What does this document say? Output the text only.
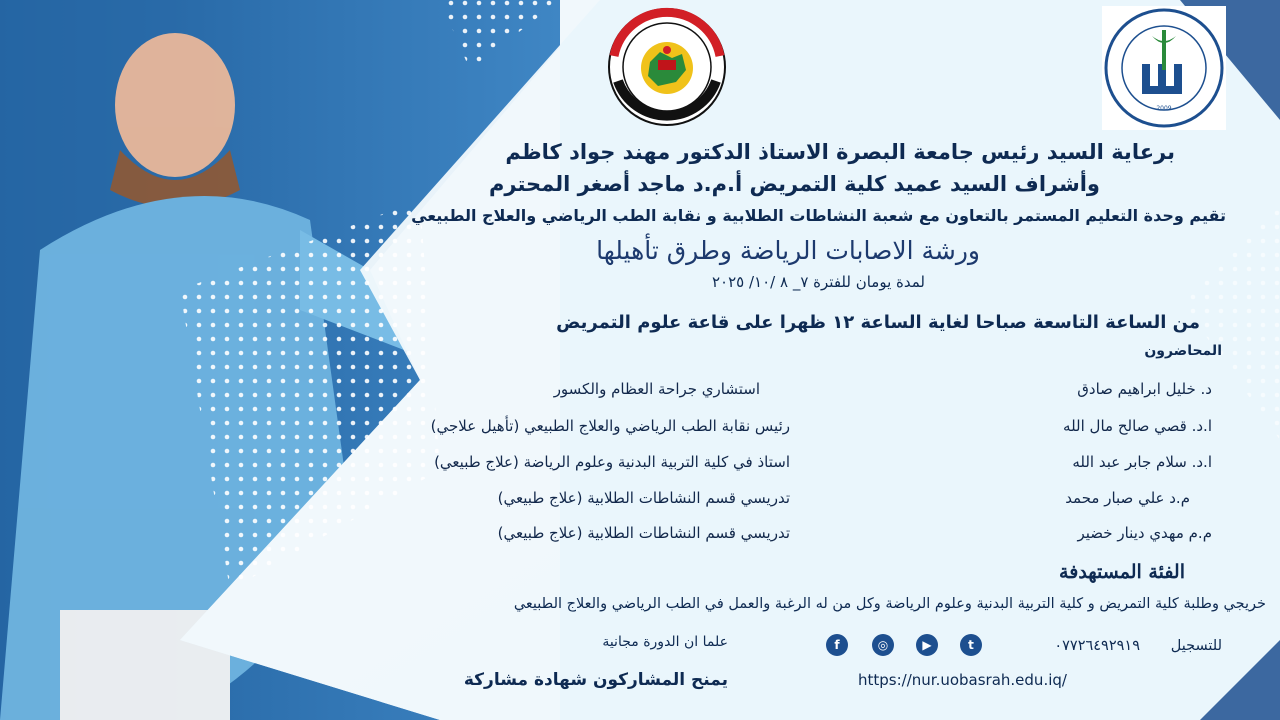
2009
برعاية السيد رئيس جامعة البصرة الاستاذ الدكتور مهند جواد كاظم
وأشراف السيد عميد كلية التمريض أ.م.د ماجد أصغر المحترم
تقيم وحدة التعليم المستمر بالتعاون مع شعبة النشاطات الطلابية و نقابة الطب الرياضي والعلاج الطبيعي
ورشة الاصابات الرياضة وطرق تأهيلها
لمدة يومان للفترة ٧_ ٨ /١٠/ ٢٠٢٥
من الساعة التاسعة صباحا لغاية الساعة ١٢ ظهرا على قاعة علوم التمريض
المحاضرون
د. خليل ابراهيم صادق
استشاري جراحة العظام والكسور
ا.د. قصي صالح مال الله
رئيس نقابة الطب الرياضي والعلاج الطبيعي (تأهيل علاجي)
ا.د. سلام جابر عبد الله
استاذ في كلية التربية البدنية وعلوم الرياضة (علاج طبيعي)
م.د علي صبار محمد
تدريسي قسم النشاطات الطلابية (علاج طبيعي)
م.م مهدي دينار خضير
تدريسي قسم النشاطات الطلابية (علاج طبيعي)
الفئة المستهدفة
خريجي وطلبة كلية التمريض و كلية التربية البدنية وعلوم الرياضة وكل من له الرغبة والعمل في الطب الرياضي والعلاج الطبيعي
علما ان الدورة مجانية
يمنح المشاركون شهادة مشاركة
للتسجيل
٠٧٧٢٦٤٩٢٩١٩
t
▶
◎
f
https://nur.uobasrah.edu.iq/
